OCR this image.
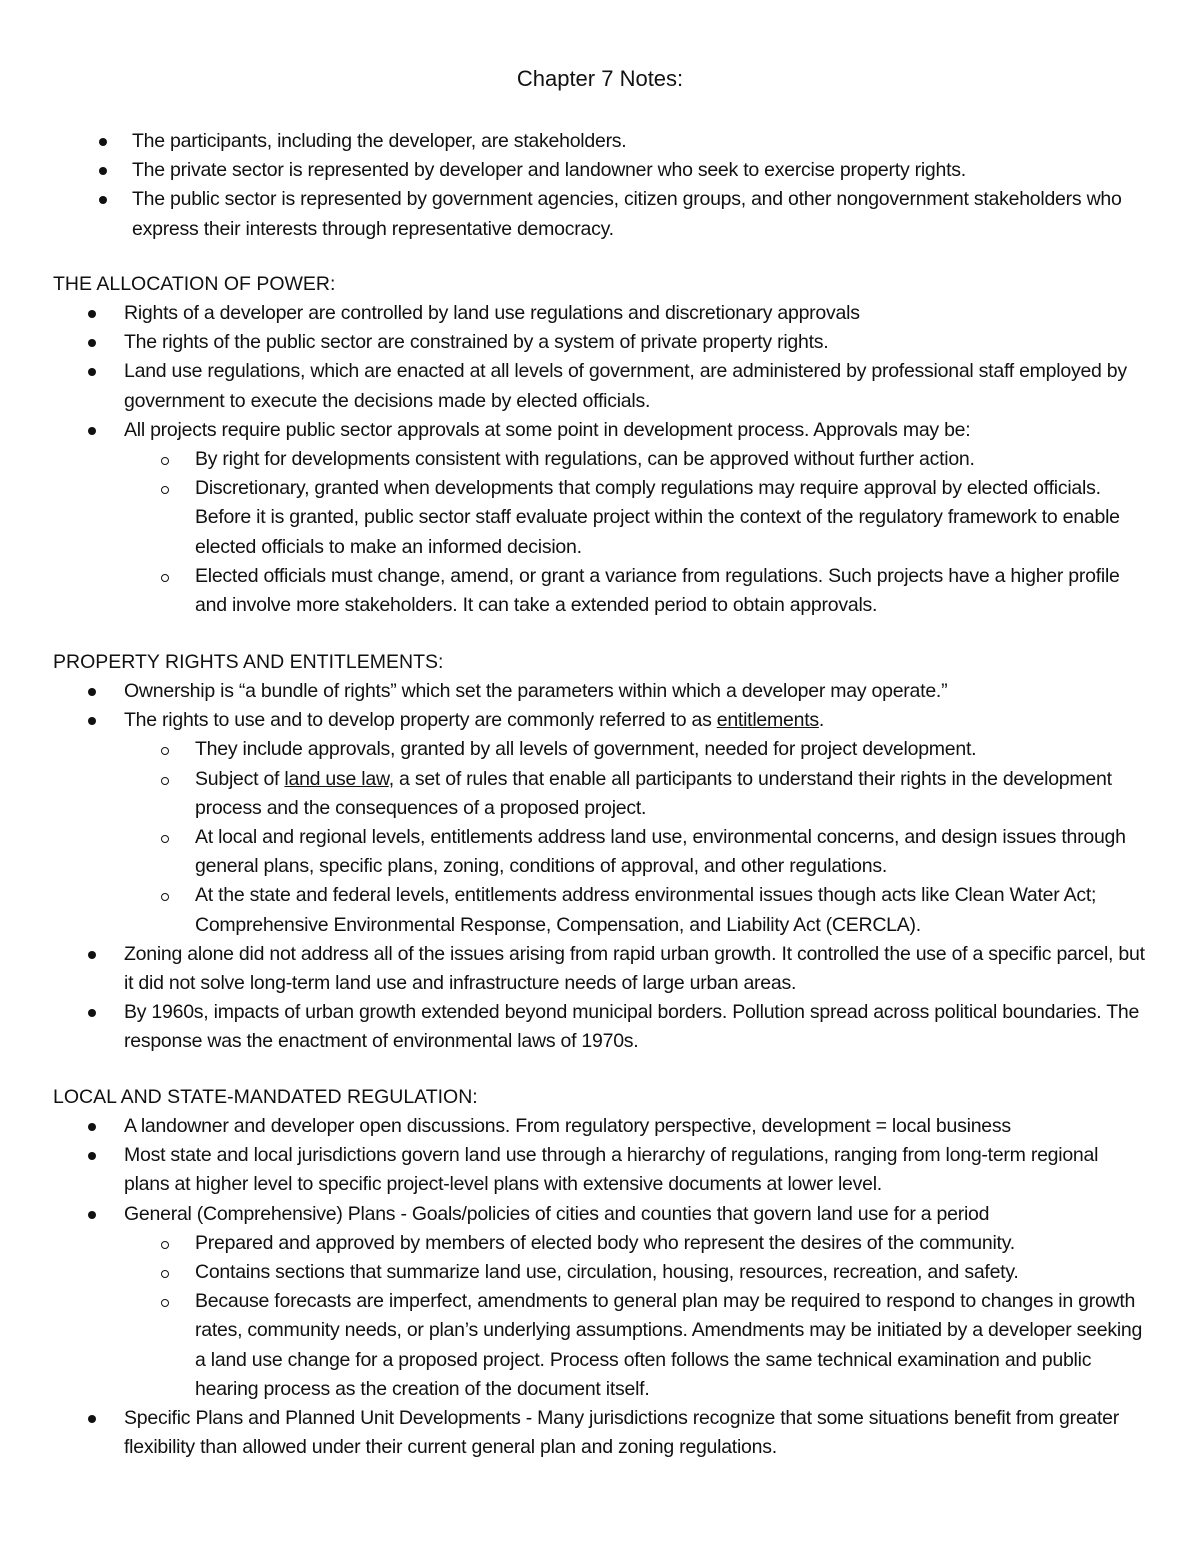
Chapter 7 Notes:
The participants, including the developer, are stakeholders.
The private sector is represented by developer and landowner who seek to exercise property rights.
The public sector is represented by government agencies, citizen groups, and other nongovernment stakeholders who express their interests through representative democracy.
THE ALLOCATION OF POWER:
Rights of a developer are controlled by land use regulations and discretionary approvals
The rights of the public sector are constrained by a system of private property rights.
Land use regulations, which are enacted at all levels of government, are administered by professional staff employed by government to execute the decisions made by elected officials.
All projects require public sector approvals at some point in development process. Approvals may be:
By right for developments consistent with regulations, can be approved without further action.
Discretionary, granted when developments that comply regulations may require approval by elected officials. Before it is granted, public sector staff evaluate project within the context of the regulatory framework to enable elected officials to make an informed decision.
Elected officials must change, amend, or grant a variance from regulations. Such projects have a higher profile and involve more stakeholders. It can take a extended period to obtain approvals.
PROPERTY RIGHTS AND ENTITLEMENTS:
Ownership is “a bundle of rights” which set the parameters within which a developer may operate.”
The rights to use and to develop property are commonly referred to as entitlements.
They include approvals, granted by all levels of government, needed for project development.
Subject of land use law, a set of rules that enable all participants to understand their rights in the development process and the consequences of a proposed project.
At local and regional levels, entitlements address land use, environmental concerns, and design issues through general plans, specific plans, zoning, conditions of approval, and other regulations.
At the state and federal levels, entitlements address environmental issues though acts like Clean Water Act; Comprehensive Environmental Response, Compensation, and Liability Act (CERCLA).
Zoning alone did not address all of the issues arising from rapid urban growth. It controlled the use of a specific parcel, but it did not solve long-term land use and infrastructure needs of large urban areas.
By 1960s, impacts of urban growth extended beyond municipal borders. Pollution spread across political boundaries. The response was the enactment of environmental laws of 1970s.
LOCAL AND STATE-MANDATED REGULATION:
A landowner and developer open discussions. From regulatory perspective, development = local business
Most state and local jurisdictions govern land use through a hierarchy of regulations, ranging from long-term regional plans at higher level to specific project-level plans with extensive documents at lower level.
General (Comprehensive) Plans - Goals/policies of cities and counties that govern land use for a period
Prepared and approved by members of elected body who represent the desires of the community.
Contains sections that summarize land use, circulation, housing, resources, recreation, and safety.
Because forecasts are imperfect, amendments to general plan may be required to respond to changes in growth rates, community needs, or plan’s underlying assumptions. Amendments may be initiated by a developer seeking a land use change for a proposed project. Process often follows the same technical examination and public hearing process as the creation of the document itself.
Specific Plans and Planned Unit Developments - Many jurisdictions recognize that some situations benefit from greater flexibility than allowed under their current general plan and zoning regulations.
